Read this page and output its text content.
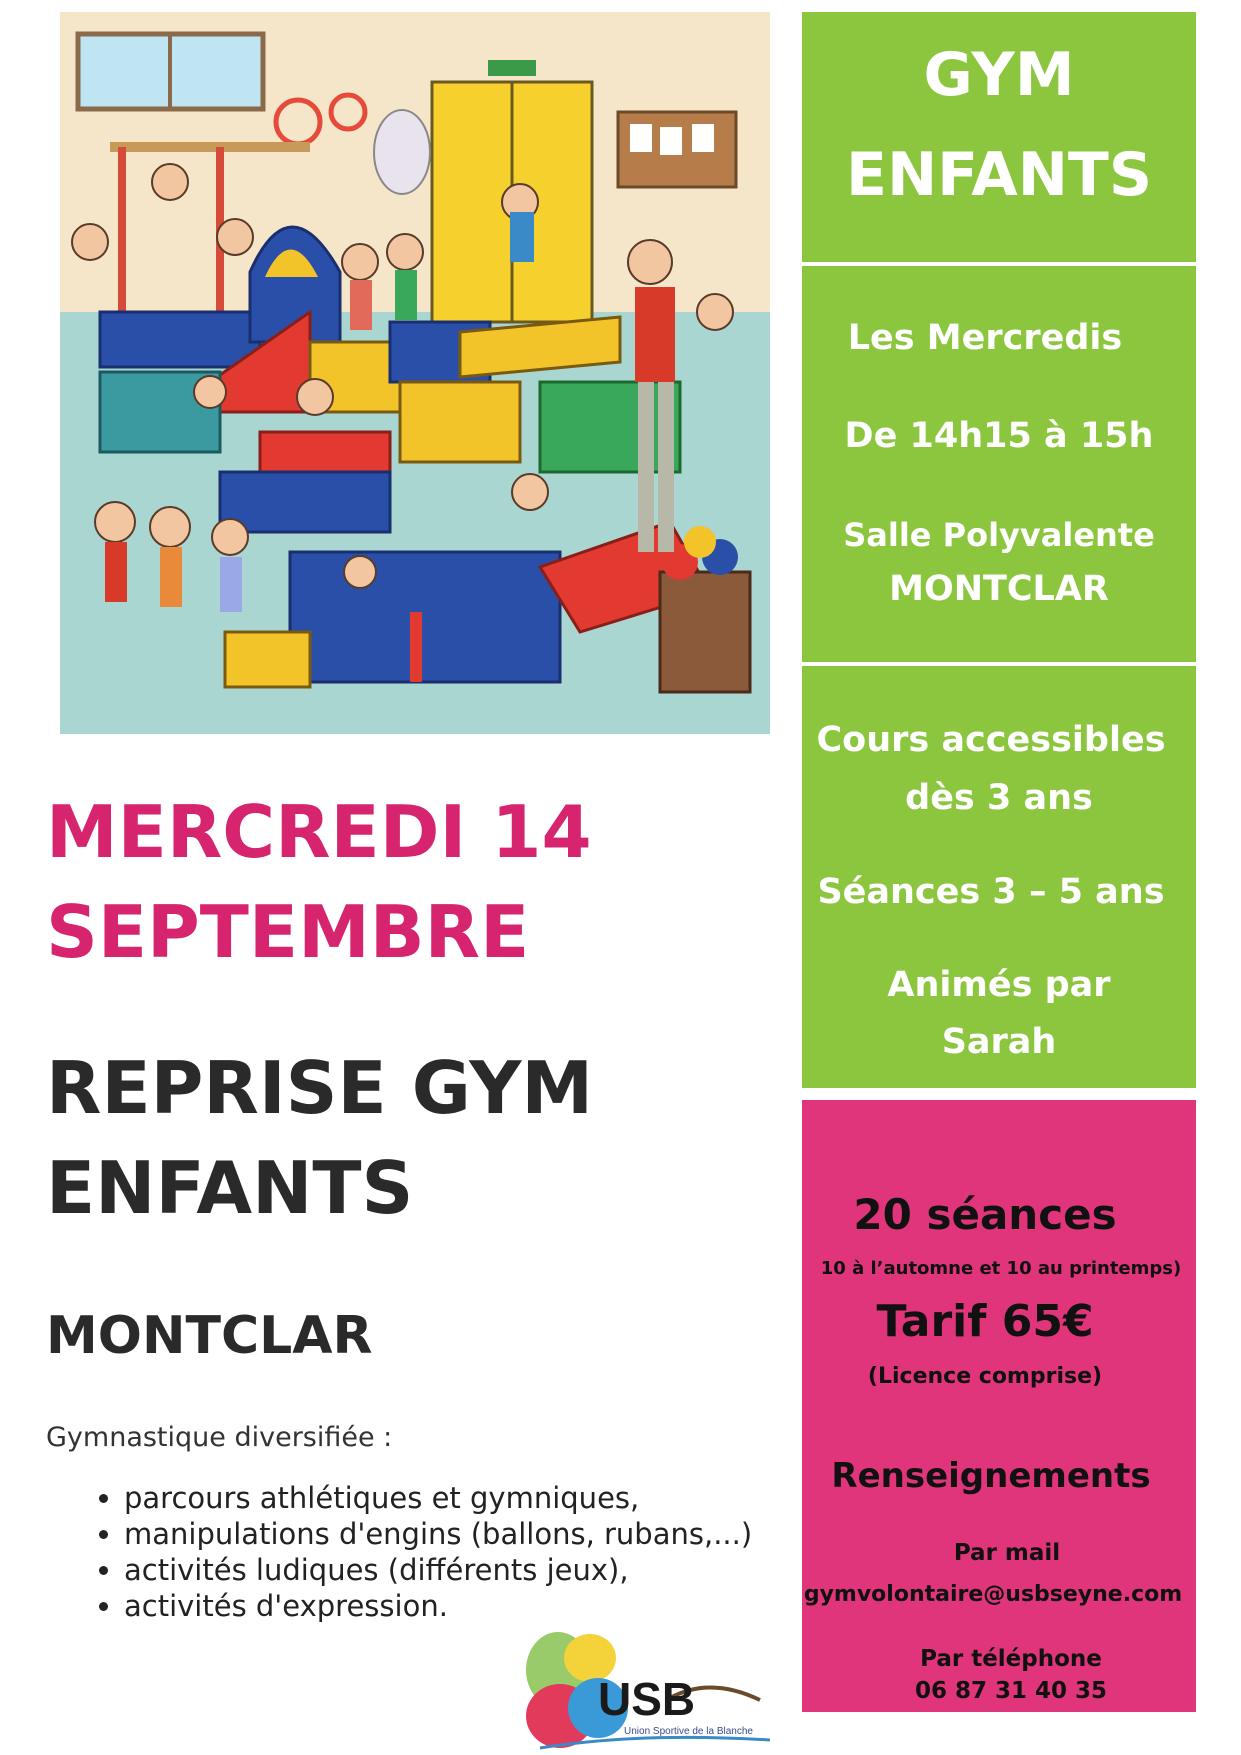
GYM
ENFANTS
Les Mercredis
De 14h15 à 15h
Salle Polyvalente
MONTCLAR
Cours accessibles
dès 3 ans
Séances 3 – 5 ans
Animés par
Sarah
20 séances
10 à l’automne et 10 au printemps)
Tarif 65€
(Licence comprise)
Renseignements
Par mail
gymvolontaire@usbseyne.com
Par téléphone
06 87 31 40 35
MERCREDI 14
SEPTEMBRE
REPRISE GYM
ENFANTS
MONTCLAR
Gymnastique diversifiée :
• parcours athlétiques et gymniques,
• manipulations d'engins (ballons, rubans,...)
• activités ludiques (différents jeux),
• activités d'expression.
USB
Union Sportive de la Blanche
